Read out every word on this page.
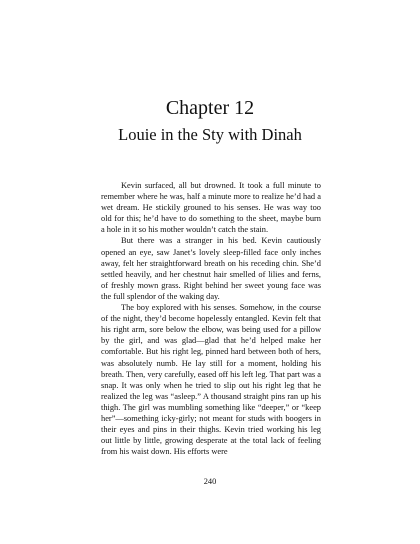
Chapter 12
Louie in the Sty with Dinah

Kevin surfaced, all but drowned. It took a full minute to remember where he was, half a minute more to realize he’d had a wet dream. He stickily grouned to his senses. He was way too old for this; he’d have to do something to the sheet, maybe burn a hole in it so his mother wouldn’t catch the stain.

But there was a stranger in his bed. Kevin cautiously opened an eye, saw Janet’s lovely sleep-filled face only inches away, felt her straightforward breath on his receding chin. She’d settled heavily, and her chestnut hair smelled of lilies and ferns, of freshly mown grass. Right behind her sweet young face was the full splendor of the waking day.

The boy explored with his senses. Somehow, in the course of the night, they’d become hopelessly entangled. Kevin felt that his right arm, sore below the elbow, was being used for a pillow by the girl, and was glad—glad that he’d helped make her comfortable. But his right leg, pinned hard between both of hers, was absolutely numb. He lay still for a moment, holding his breath. Then, very carefully, eased off his left leg. That part was a snap. It was only when he tried to slip out his right leg that he realized the leg was “asleep.” A thousand straight pins ran up his thigh. The girl was mumbling something like “deeper,” or “keep her”—something icky-girly; not meant for studs with boogers in their eyes and pins in their thighs. Kevin tried working his leg out little by little, growing desperate at the total lack of feeling from his waist down. His efforts were

240
